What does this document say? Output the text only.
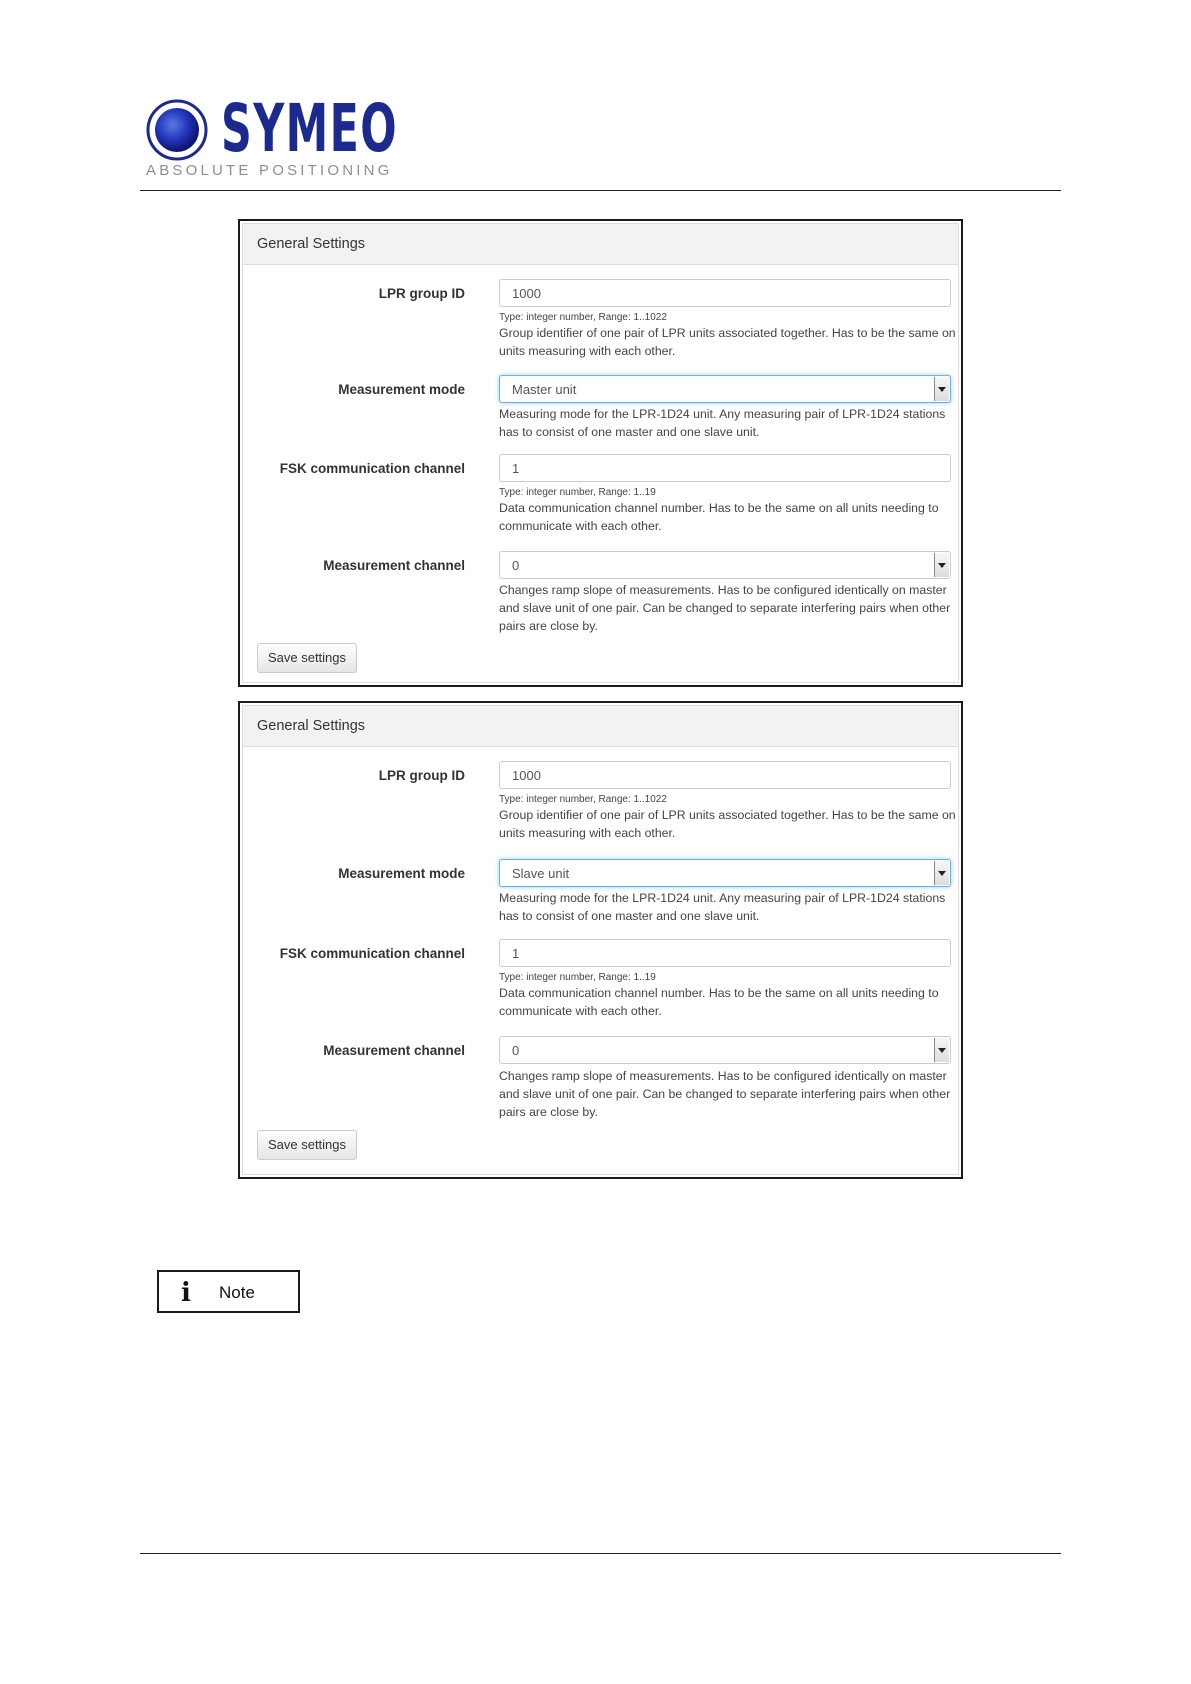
SYMEO
ABSOLUTE POSITIONING
General Settings
LPR group ID	1000
Type: integer number, Range: 1..1022
Group identifier of one pair of LPR units associated together. Has to be the same on units measuring with each other.
Measurement mode	Master unit
Measuring mode for the LPR-1D24 unit. Any measuring pair of LPR-1D24 stations has to consist of one master and one slave unit.
FSK communication channel	1
Type: integer number, Range: 1..19
Data communication channel number. Has to be the same on all units needing to communicate with each other.
Measurement channel	0
Changes ramp slope of measurements. Has to be configured identically on master and slave unit of one pair. Can be changed to separate interfering pairs when other pairs are close by.
Save settings
General Settings
LPR group ID	1000
Type: integer number, Range: 1..1022
Group identifier of one pair of LPR units associated together. Has to be the same on units measuring with each other.
Measurement mode	Slave unit
Measuring mode for the LPR-1D24 unit. Any measuring pair of LPR-1D24 stations has to consist of one master and one slave unit.
FSK communication channel	1
Type: integer number, Range: 1..19
Data communication channel number. Has to be the same on all units needing to communicate with each other.
Measurement channel	0
Changes ramp slope of measurements. Has to be configured identically on master and slave unit of one pair. Can be changed to separate interfering pairs when other pairs are close by.
Save settings
i Note
